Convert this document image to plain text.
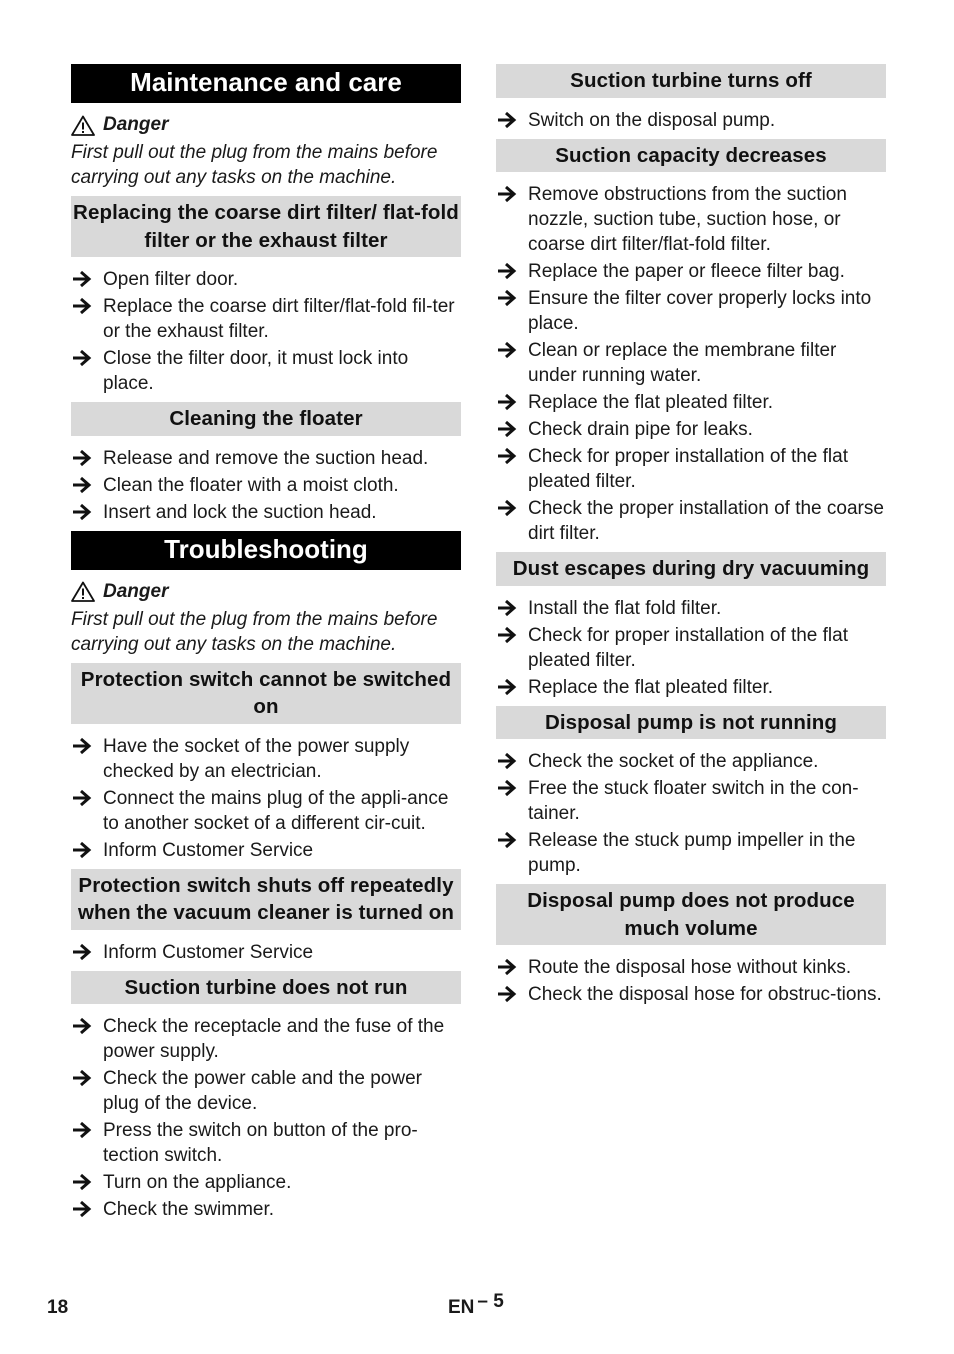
Maintenance and care
Danger
First pull out the plug from the mains before carrying out any tasks on the machine.
Replacing the coarse dirt filter/ flat-fold filter or the exhaust filter
Open filter door.
Replace the coarse dirt filter/flat-fold fil-ter or the exhaust filter.
Close the filter door, it must lock into place.
Cleaning the floater
Release and remove the suction head.
Clean the floater with a moist cloth.
Insert and lock the suction head.
Troubleshooting
Danger
First pull out the plug from the mains before carrying out any tasks on the machine.
Protection switch cannot be switched on
Have the socket of the power supply checked by an electrician.
Connect the mains plug of the appli-ance to another socket of a different cir-cuit.
Inform Customer Service
Protection switch shuts off repeatedly when the vacuum cleaner is turned on
Inform Customer Service
Suction turbine does not run
Check the receptacle and the fuse of the power supply.
Check the power cable and the power plug of the device.
Press the switch on button of the pro-tection switch.
Turn on the appliance.
Check the swimmer.
Suction turbine turns off
Switch on the disposal pump.
Suction capacity decreases
Remove obstructions from the suction nozzle, suction tube, suction hose, or coarse dirt filter/flat-fold filter.
Replace the paper or fleece filter bag.
Ensure the filter cover properly locks into place.
Clean or replace the membrane filter under running water.
Replace the flat pleated filter.
Check drain pipe for leaks.
Check for proper installation of the flat pleated filter.
Check the proper installation of the coarse dirt filter.
Dust escapes during dry vacuuming
Install the flat fold filter.
Check for proper installation of the flat pleated filter.
Replace the flat pleated filter.
Disposal pump is not running
Check the socket of the appliance.
Free the stuck floater switch in the con-tainer.
Release the stuck pump impeller in the pump.
Disposal pump does not produce much volume
Route the disposal hose without kinks.
Check the disposal hose for obstruc-tions.
18	EN – 5
